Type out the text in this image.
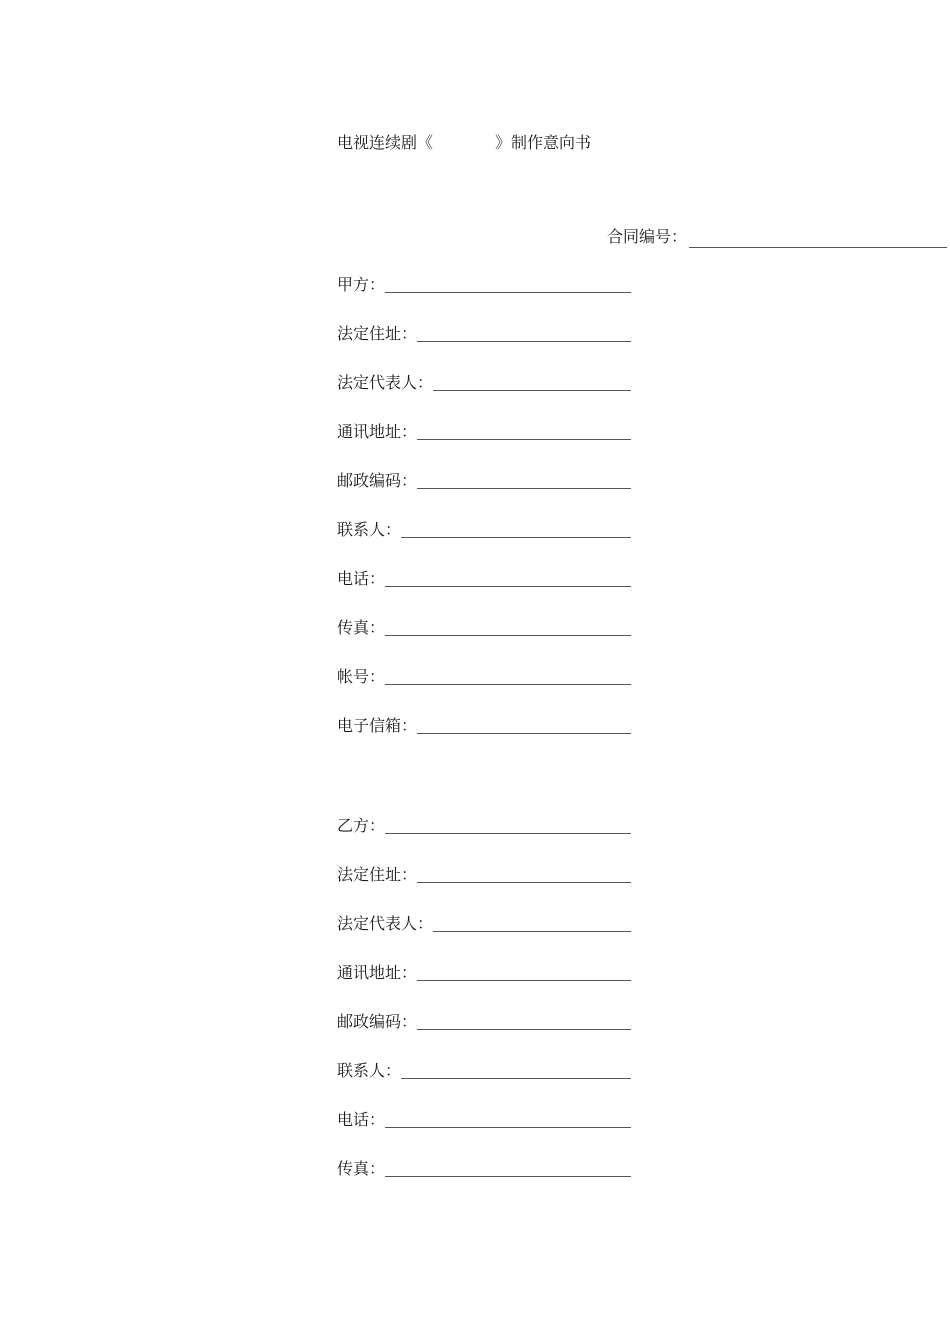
电视连续剧《	》制作意向书
合同编号：
甲方：
法定住址：
法定代表人：
通讯地址：
邮政编码：
联系人：
电话：
传真：
帐号：
电子信箱：
乙方：
法定住址：
法定代表人：
通讯地址：
邮政编码：
联系人：
电话：
传真：
